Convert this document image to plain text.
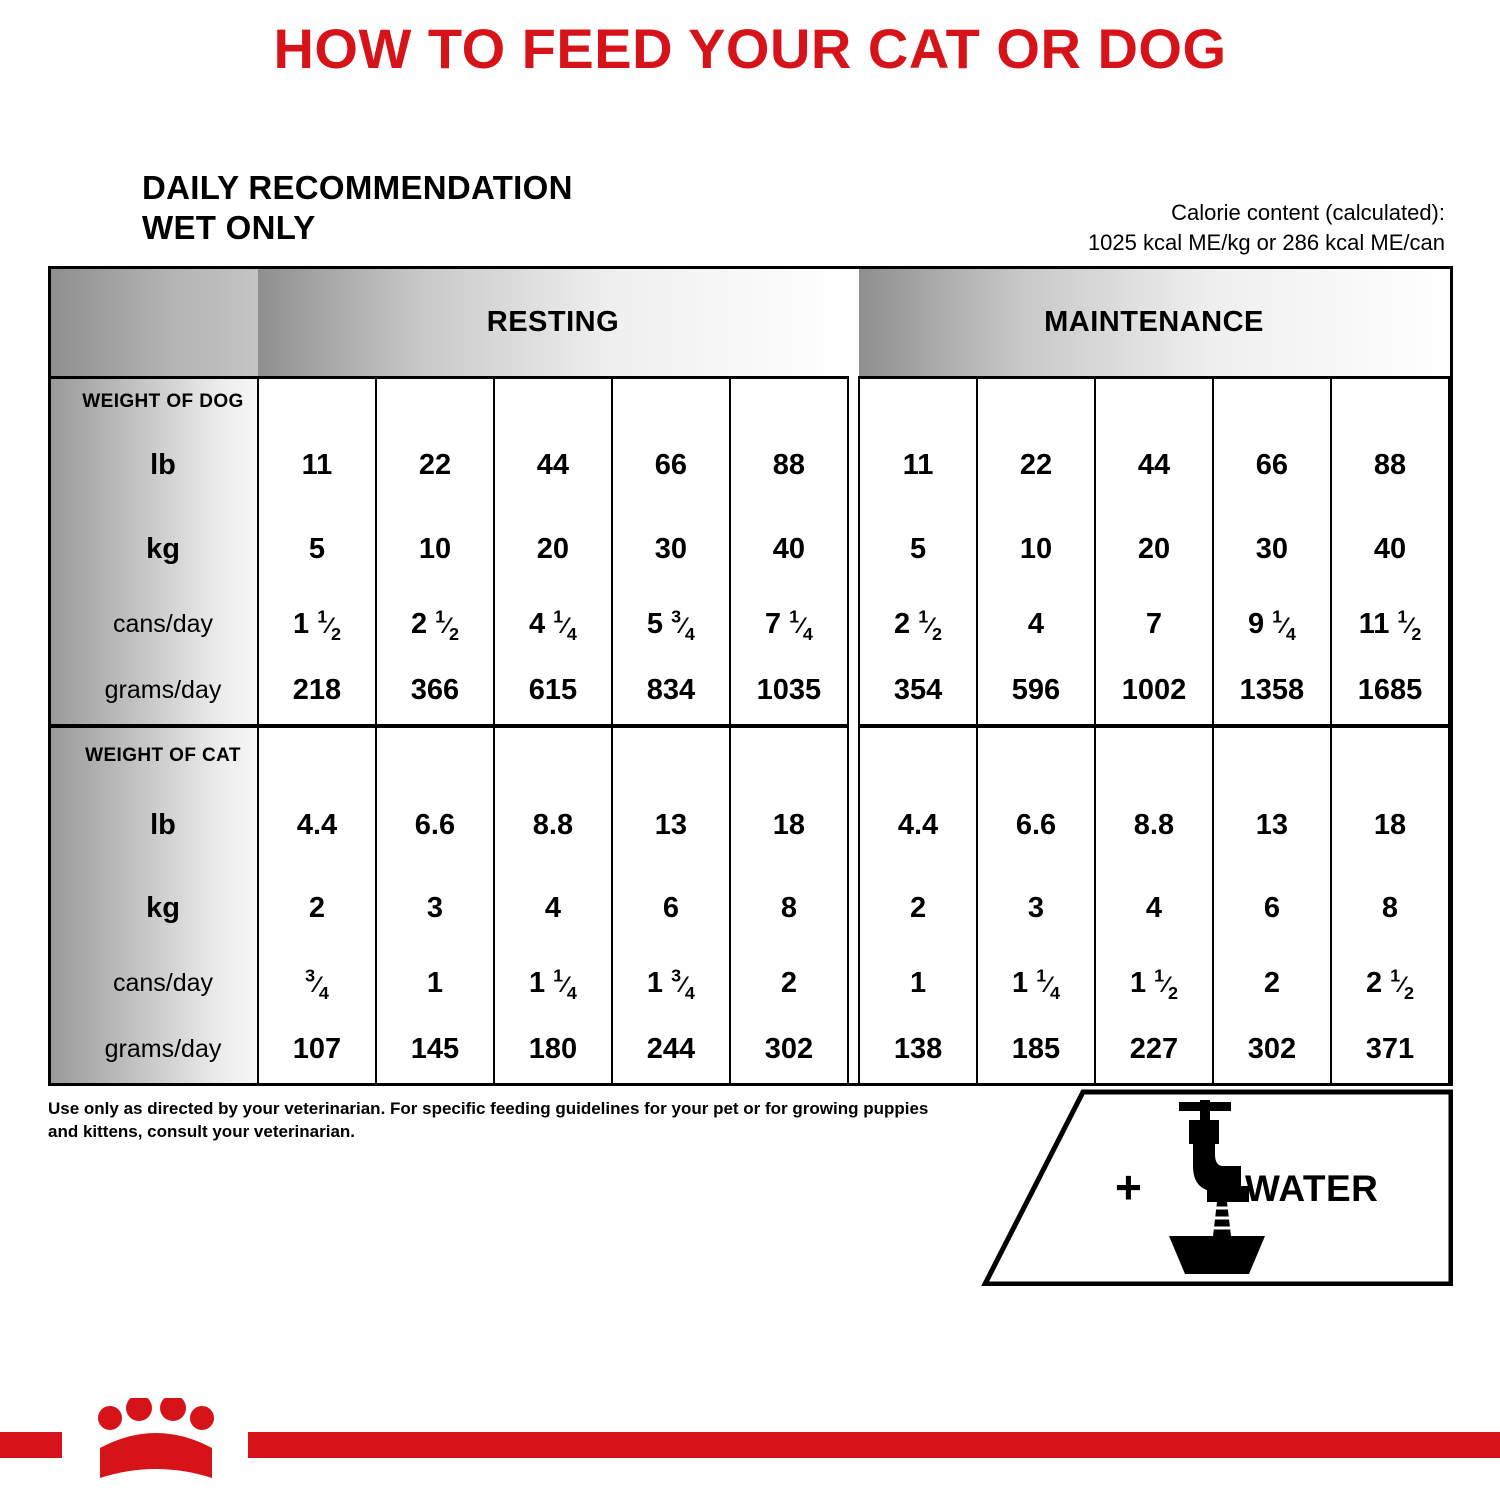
HOW TO FEED YOUR CAT OR DOG
DAILY RECOMMENDATION
WET ONLY	Calorie content (calculated):
1025 kcal ME/kg or 286 kcal ME/can
	RESTING						MAINTENANCE				
WEIGHT OF DOG											
lb	11	22	44	66	88		11	22	44	66	88
kg	5	10	20	30	40		5	10	20	30	40
cans/day	1 $^1⁄_2$	2 $^1⁄_2$	4 $^1⁄_4$	5 $^3⁄_4$	7 $^1⁄_4$		2 $^1⁄_2$	4	7	9 $^1⁄_4$	11 $^1⁄_2$
grams/day	218	366	615	834	1035		354	596	1002	1358	1685
WEIGHT OF CAT											
lb	4.4	6.6	8.8	13	18		4.4	6.6	8.8	13	18
kg	2	3	4	6	8		2	3	4	6	8
cans/day	$^3⁄_4$	1	1 $^1⁄_4$	1 $^3⁄_4$	2		1	1 $^1⁄_4$	1 $^1⁄_2$	2	2 $^1⁄_2$
grams/day	107	145	180	244	302		138	185	227	302	371
Use only as directed by your veterinarian. For specific feeding guidelines for your pet or for growing puppies and kittens, consult your veterinarian.
+	WATER
